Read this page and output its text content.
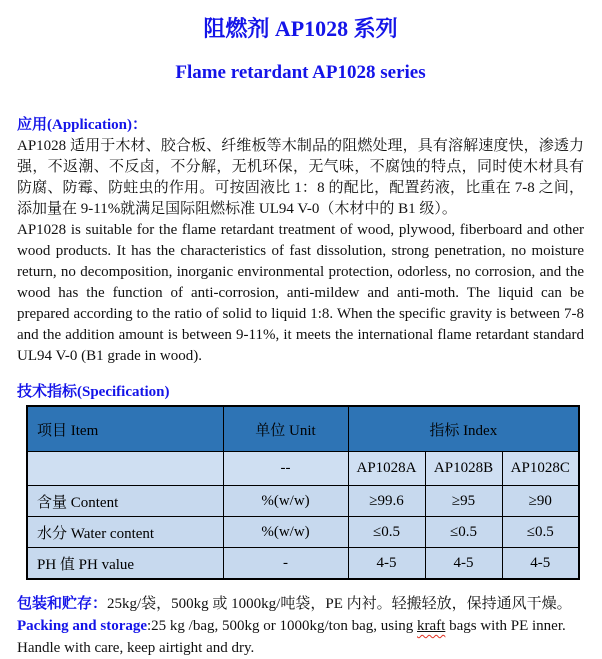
阻燃剂 AP1028 系列
Flame retardant AP1028 series
应用(Application)：

AP1028 适用于木材、胶合板、纤维板等木制品的阻燃处理，具有溶解速度快，渗透力强，不返潮、不反卤，不分解，无机环保，无气味，不腐蚀的特点，同时使木材具有防腐、防霉、防蛀虫的作用。可按固液比 1：8 的配比，配置药液，比重在 7-8 之间，添加量在 9-11%就满足国际阻燃标准 UL94 V-0（木材中的 B1 级）。

AP1028 is suitable for the flame retardant treatment of wood, plywood, fiberboard and other wood products. It has the characteristics of fast dissolution, strong penetration, no moisture return, no decomposition, inorganic environmental protection, odorless, no corrosion, and the wood has the function of anti-corrosion, anti-mildew and anti-moth. The liquid can be prepared according to the ratio of solid to liquid 1:8. When the specific gravity is between 7-8 and the addition amount is between 9-11%, it meets the international flame retardant standard UL94 V-0 (B1 grade in wood).

技术指标(Specification)
项目 Item	单位 Unit	指标 Index		
	--	AP1028A	AP1028B	AP1028C
含量 Content	%(w/w)	≥99.6	≥95	≥90
水分 Water content	%(w/w)	≤0.5	≤0.5	≤0.5
PH 值 PH value	-	4-5	4-5	4-5

包装和贮存：25kg/袋，500kg 或 1000kg/吨袋，PE 内衬。轻搬轻放，保持通风干燥。

Packing and storage:25 kg /bag, 500kg or 1000kg/ton bag, using kraft bags with PE inner.

Handle with care, keep airtight and dry.
